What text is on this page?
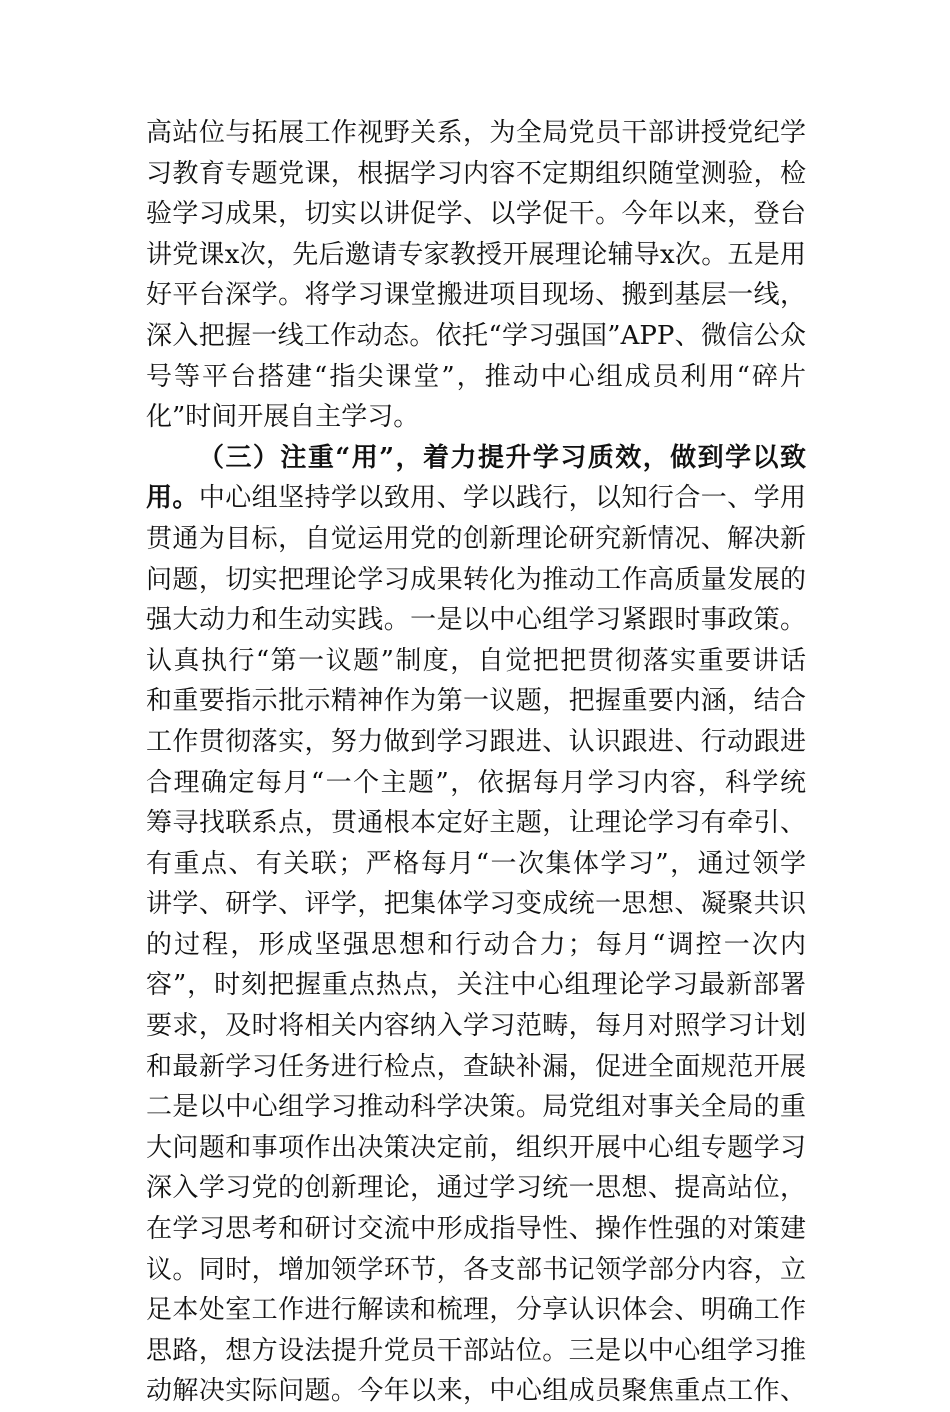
高站位与拓展工作视野关系，为全局党员干部讲授党纪学
习教育专题党课，根据学习内容不定期组织随堂测验，检
验学习成果，切实以讲促学、以学促干。今年以来，登台
讲党课x次，先后邀请专家教授开展理论辅导x次。五是用
好平台深学。将学习课堂搬进项目现场、搬到基层一线，
深入把握一线工作动态。依托“学习强国”APP、微信公众
号等平台搭建“指尖课堂”，推动中心组成员利用“碎片
化”时间开展自主学习。
（三）注重“用”，着力提升学习质效，做到学以致
用。中心组坚持学以致用、学以践行，以知行合一、学用
贯通为目标，自觉运用党的创新理论研究新情况、解决新
问题，切实把理论学习成果转化为推动工作高质量发展的
强大动力和生动实践。一是以中心组学习紧跟时事政策。
认真执行“第一议题”制度，自觉把把贯彻落实重要讲话
和重要指示批示精神作为第一议题，把握重要内涵，结合
工作贯彻落实，努力做到学习跟进、认识跟进、行动跟进
合理确定每月“一个主题”，依据每月学习内容，科学统
筹寻找联系点，贯通根本定好主题，让理论学习有牵引、
有重点、有关联；严格每月“一次集体学习”，通过领学
讲学、研学、评学，把集体学习变成统一思想、凝聚共识
的过程，形成坚强思想和行动合力；每月“调控一次内
容”，时刻把握重点热点，关注中心组理论学习最新部署
要求，及时将相关内容纳入学习范畴，每月对照学习计划
和最新学习任务进行检点，查缺补漏，促进全面规范开展
二是以中心组学习推动科学决策。局党组对事关全局的重
大问题和事项作出决策决定前，组织开展中心组专题学习
深入学习党的创新理论，通过学习统一思想、提高站位，
在学习思考和研讨交流中形成指导性、操作性强的对策建
议。同时，增加领学环节，各支部书记领学部分内容，立
足本处室工作进行解读和梳理，分享认识体会、明确工作
思路，想方设法提升党员干部站位。三是以中心组学习推
动解决实际问题。今年以来，中心组成员聚焦重点工作、
